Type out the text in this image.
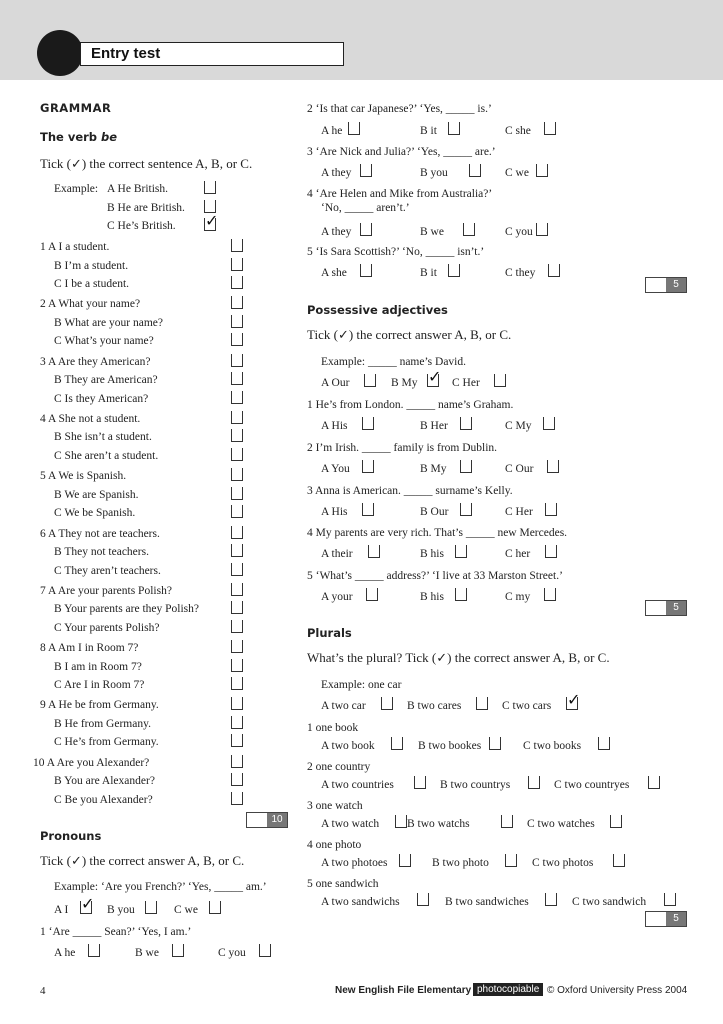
Entry test
GRAMMAR
The verb be
Tick (✓) the correct sentence A, B, or C.
Example: A He British.
B He are British.
C He’s British.
✓
1 A I a student.
B I’m a student.
C I be a student.
2 A What your name?
B What are your name?
C What’s your name?
3 A Are they American?
B They are American?
C Is they American?
4 A She not a student.
B She isn’t a student.
C She aren’t a student.
5 A We is Spanish.
B We are Spanish.
C We be Spanish.
6 A They not are teachers.
B They not teachers.
C They aren’t teachers.
7 A Are your parents Polish?
B Your parents are they Polish?
C Your parents Polish?
8 A Am I in Room 7?
B I am in Room 7?
C Are I in Room 7?
9 A He be from Germany.
B He from Germany.
C He’s from Germany.
10 A Are you Alexander?
B You are Alexander?
C Be you Alexander?
10
Pronouns
Tick (✓) the correct answer A, B, or C.
Example: ‘Are you French?’ ‘Yes, _____ am.’
A I ✓	B you	C we
1 ‘Are _____ Sean?’ ‘Yes, I am.’
A he	B we	C you
2 ‘Is that car Japanese?’ ‘Yes, _____ is.’
A he	B it	C she
3 ‘Are Nick and Julia?’ ‘Yes, _____ are.’
A they	B you	C we
4 ‘Are Helen and Mike from Australia?’
‘No, _____ aren’t.’
A they	B we	C you
5 ‘Is Sara Scottish?’ ‘No, _____ isn’t.’
A she	B it	C they
5
Possessive adjectives
Tick (✓) the correct answer A, B, or C.
Example: _____ name’s David.
A Our	B My ✓	C Her
1 He’s from London. _____ name’s Graham.
A His	B Her	C My
2 I’m Irish. _____ family is from Dublin.
A You	B My	C Our
3 Anna is American. _____ surname’s Kelly.
A His	B Our	C Her
4 My parents are very rich. That’s _____ new Mercedes.
A their	B his	C her
5 ‘What’s _____ address?’ ‘I live at 33 Marston Street.’
A your	B his	C my
5
Plurals
What’s the plural? Tick (✓) the correct answer A, B, or C.
Example: one car
A two car	B two cares	C two cars
✓
1 one book
A two book	B two bookes	C two books
2 one country
A two countries	B two countrys	C two countryes
3 one watch
A two watch B two watchs	C two watches
4 one photo
A two photoes	B two photo	C two photos
5 one sandwich
A two sandwichs	B two sandwiches	C two sandwich
5
4	New English File Elementary photocopiable © Oxford University Press 2004
